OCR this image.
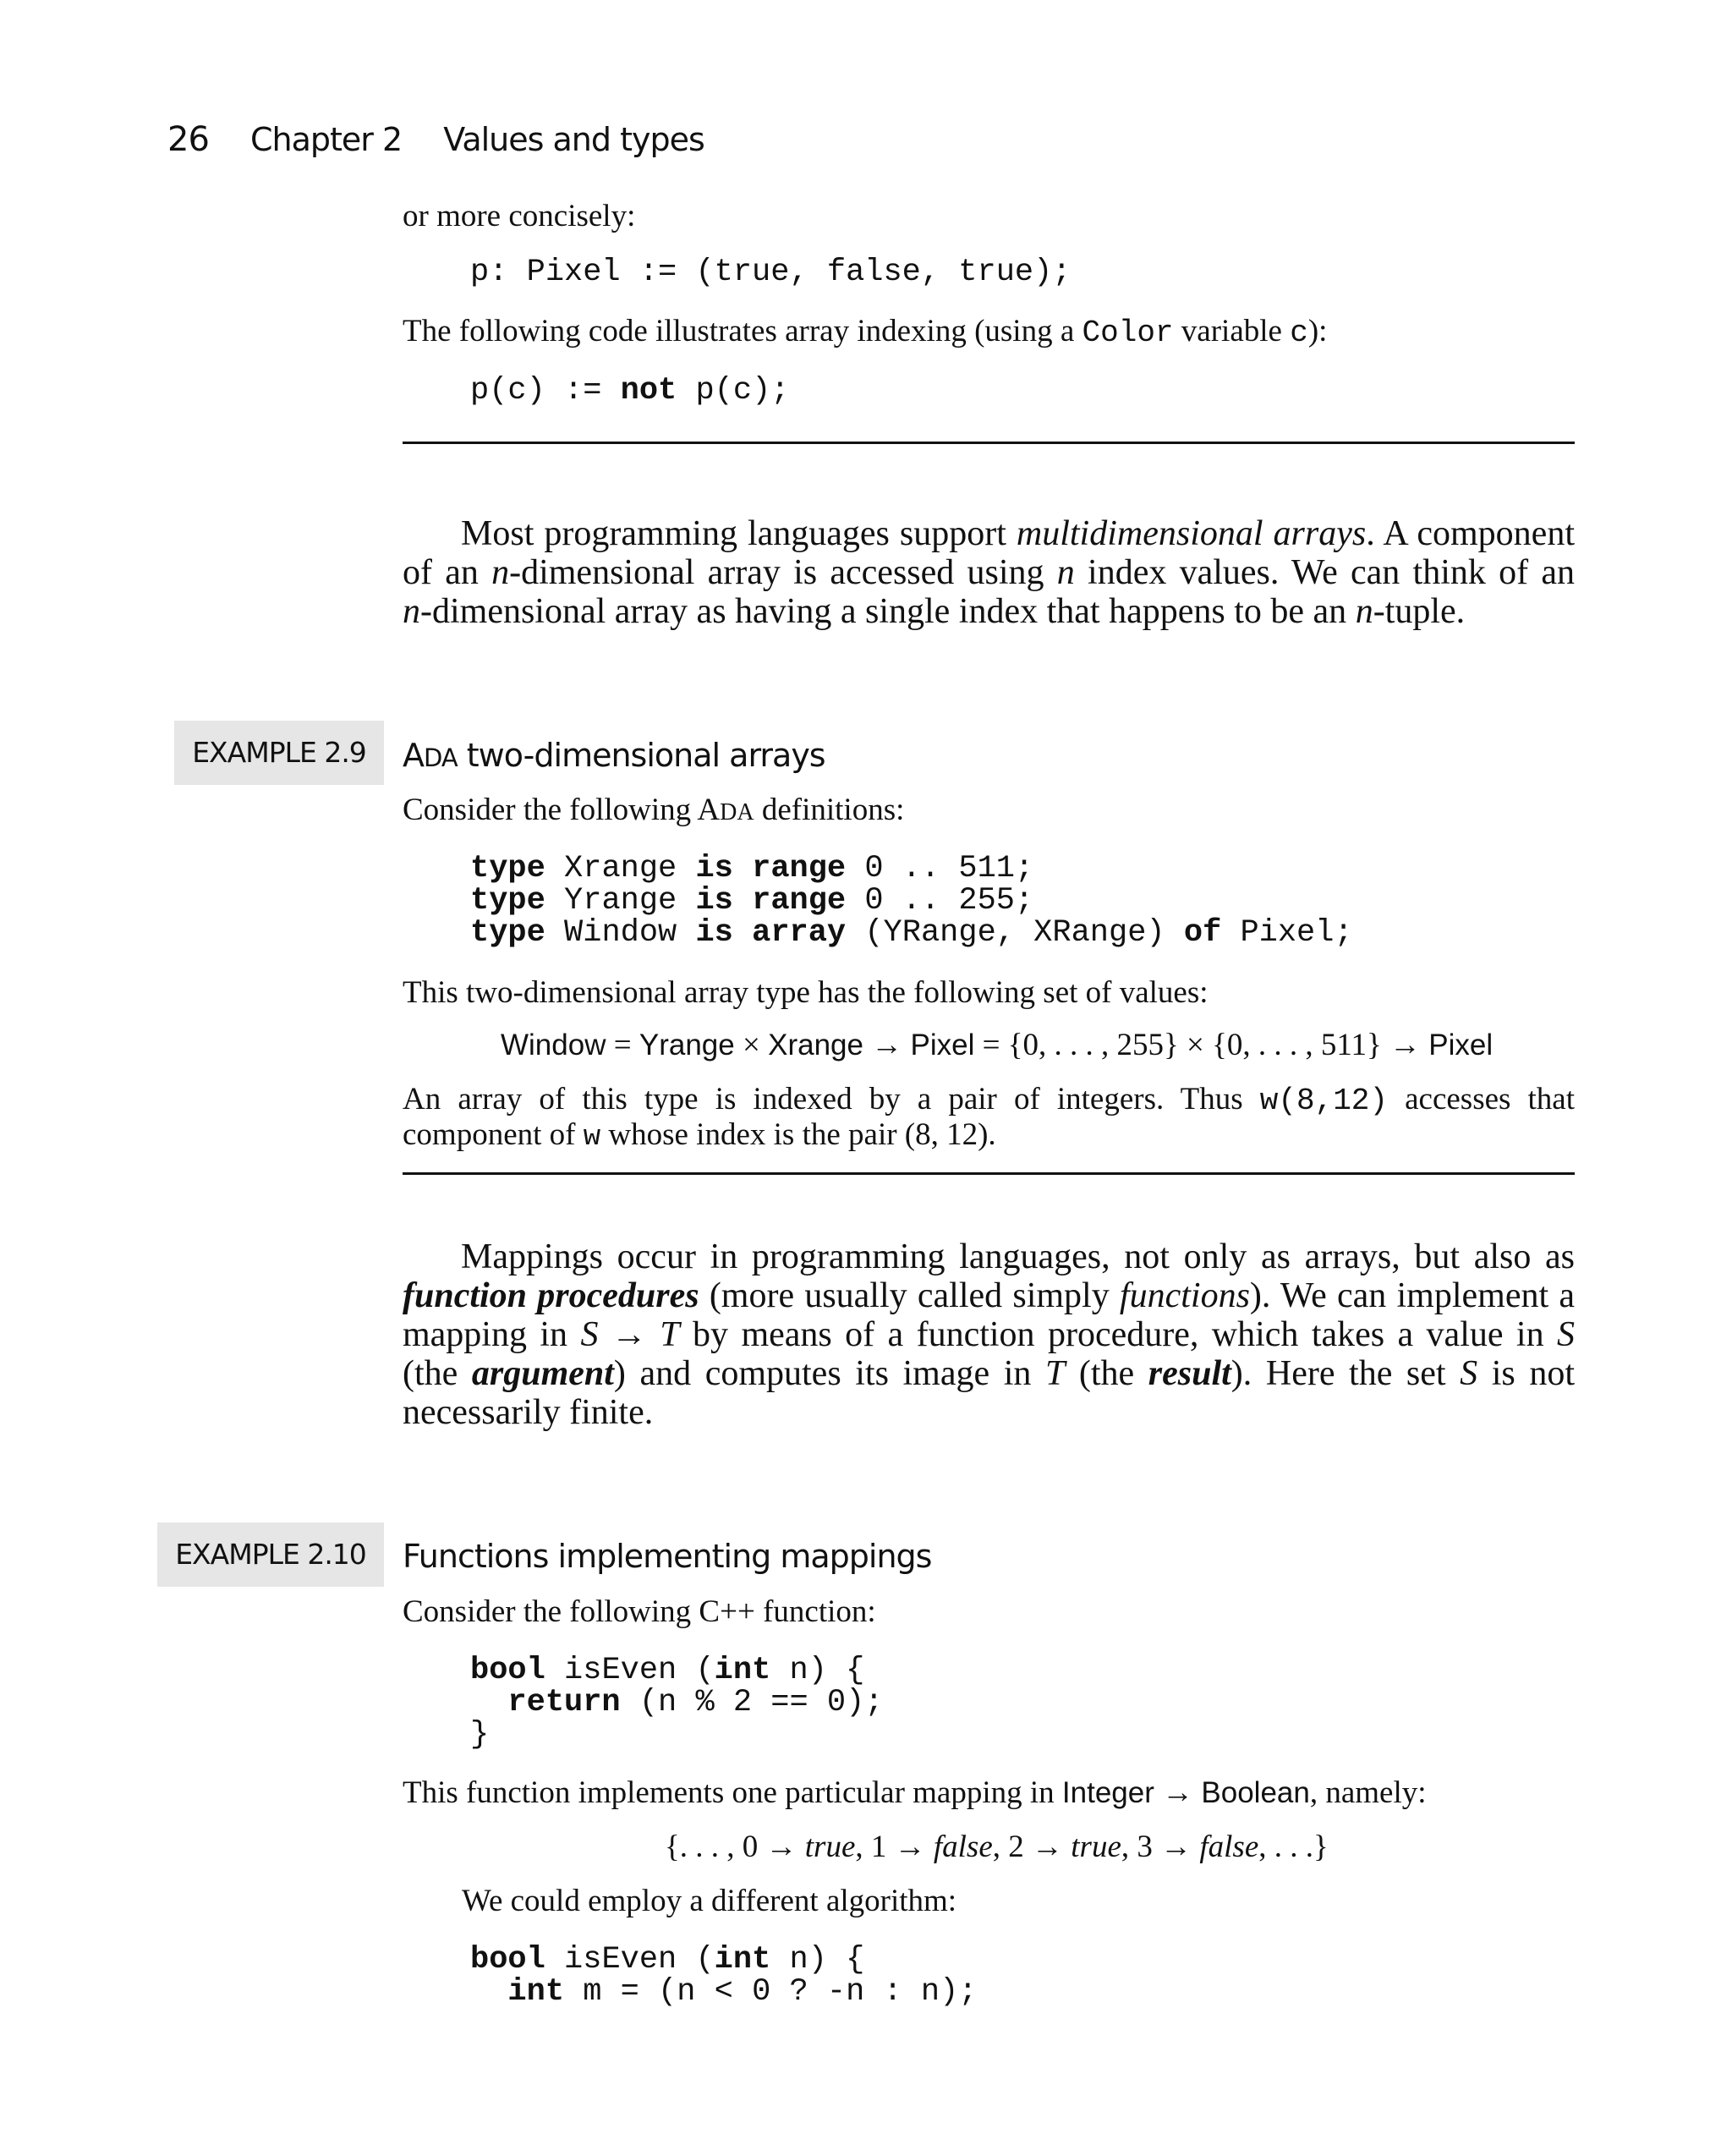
26 Chapter 2 Values and types
or more concisely:
p: Pixel := (true, false, true);
The following code illustrates array indexing (using a Color variable c):
p(c) := not p(c);
Most programming languages support multidimensional arrays. A component
of an n-dimensional array is accessed using n index values. We can think of an
n-dimensional array as having a single index that happens to be an n-tuple.
EXAMPLE 2.9	ADA two-dimensional arrays
Consider the following ADA definitions:
type Xrange is range 0 .. 511;
type Yrange is range 0 .. 255;
type Window is array (YRange, XRange) of Pixel;
This two-dimensional array type has the following set of values:
Window = Yrange × Xrange → Pixel = {0, . . . , 255} × {0, . . . , 511} → Pixel
An array of this type is indexed by a pair of integers. Thus w(8,12) accesses that
component of w whose index is the pair (8, 12).
Mappings occur in programming languages, not only as arrays, but also as
function procedures (more usually called simply functions). We can implement a
mapping in S → T by means of a function procedure, which takes a value in S
(the argument) and computes its image in T (the result). Here the set S is not
necessarily finite.
EXAMPLE 2.10	Functions implementing mappings
Consider the following C++ function:
bool isEven (int n) {
return (n % 2 == 0);
}
This function implements one particular mapping in Integer → Boolean, namely:
{. . . , 0 → true, 1 → false, 2 → true, 3 → false, . . .}
We could employ a different algorithm:
bool isEven (int n) {
int m = (n < 0 ? -n : n);
